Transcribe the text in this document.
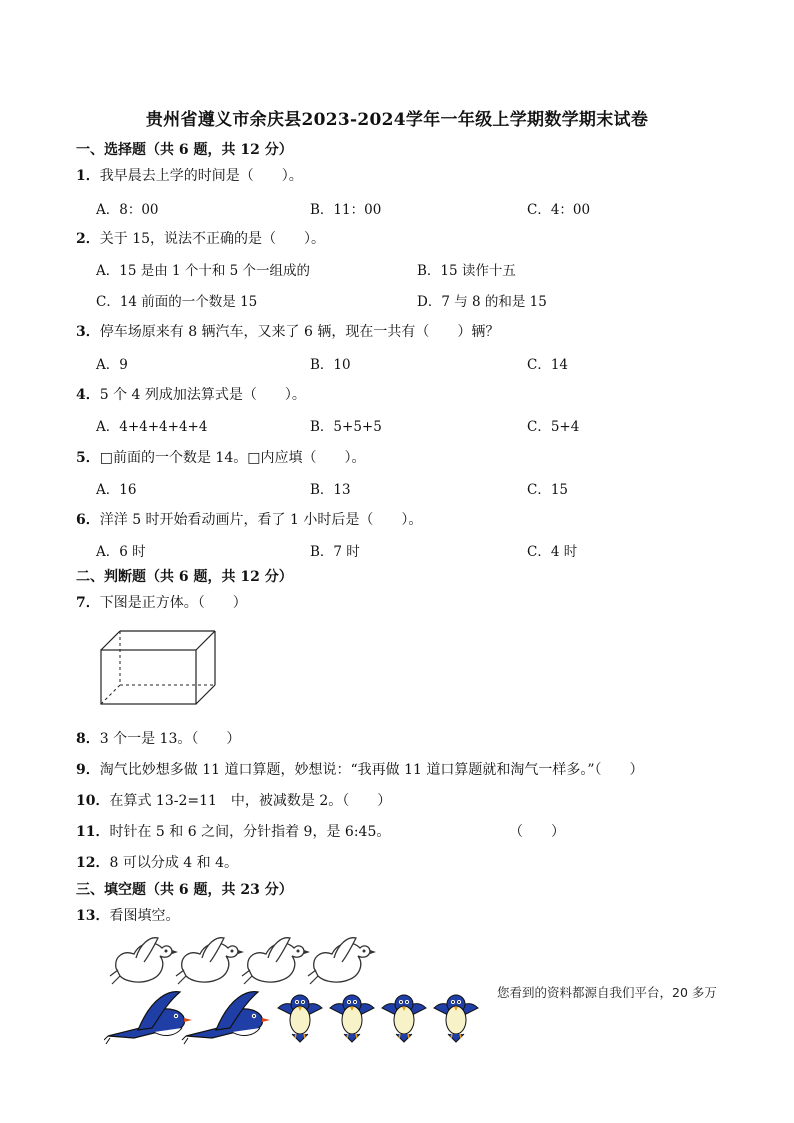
贵州省遵义市余庆县2023-2024学年一年级上学期数学期末试卷
一、选择题（共 6 题，共 12 分）
1．我早晨去上学的时间是（　　）。
A．8：00	B．11：00	C．4：00
2．关于 15，说法不正确的是（　　）。
A．15 是由 1 个十和 5 个一组成的	B．15 读作十五
C．14 前面的一个数是 15	D．7 与 8 的和是 15
3．停车场原来有 8 辆汽车，又来了 6 辆，现在一共有（　　）辆？
A．9	B．10	C．14
4．5 个 4 列成加法算式是（　　）。
A．4+4+4+4+4	B．5+5+5	C．5+4
5．□前面的一个数是 14。□内应填（　　）。
A．16	B．13	C．15
6．洋洋 5 时开始看动画片，看了 1 小时后是（　　）。
A．6 时	B．7 时	C．4 时
二、判断题（共 6 题，共 12 分）
7．下图是正方体。（　　）
8．3 个一是 13。（　　）
9．淘气比妙想多做 11 道口算题，妙想说：“我再做 11 道口算题就和淘气一样多。”（　　）
10．在算式 13-2=11　中，被减数是 2。（　　）
11．时针在 5 和 6 之间，分针指着 9，是 6:45。	（　　）
12．8 可以分成 4 和 4。
三、填空题（共 6 题，共 23 分）
13．看图填空。
您看到的资料都源自我们平台，20 多万
